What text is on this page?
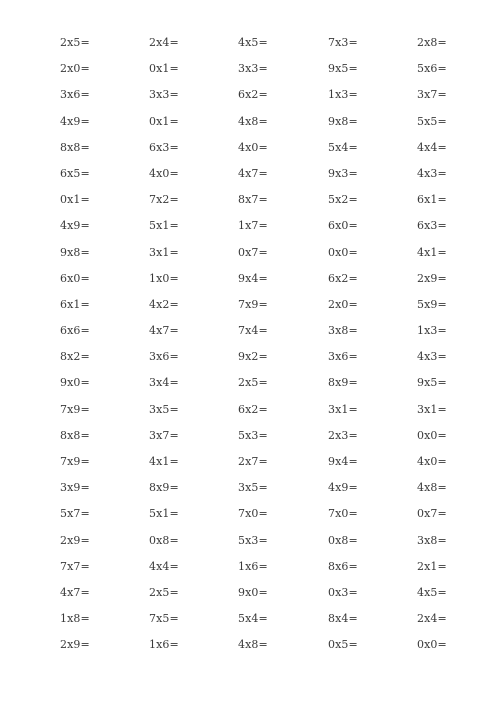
2x5=	2x4=	4x5=	7x3=	2x8=
2x0=	0x1=	3x3=	9x5=	5x6=
3x6=	3x3=	6x2=	1x3=	3x7=
4x9=	0x1=	4x8=	9x8=	5x5=
8x8=	6x3=	4x0=	5x4=	4x4=
6x5=	4x0=	4x7=	9x3=	4x3=
0x1=	7x2=	8x7=	5x2=	6x1=
4x9=	5x1=	1x7=	6x0=	6x3=
9x8=	3x1=	0x7=	0x0=	4x1=
6x0=	1x0=	9x4=	6x2=	2x9=
6x1=	4x2=	7x9=	2x0=	5x9=
6x6=	4x7=	7x4=	3x8=	1x3=
8x2=	3x6=	9x2=	3x6=	4x3=
9x0=	3x4=	2x5=	8x9=	9x5=
7x9=	3x5=	6x2=	3x1=	3x1=
8x8=	3x7=	5x3=	2x3=	0x0=
7x9=	4x1=	2x7=	9x4=	4x0=
3x9=	8x9=	3x5=	4x9=	4x8=
5x7=	5x1=	7x0=	7x0=	0x7=
2x9=	0x8=	5x3=	0x8=	3x8=
7x7=	4x4=	1x6=	8x6=	2x1=
4x7=	2x5=	9x0=	0x3=	4x5=
1x8=	7x5=	5x4=	8x4=	2x4=
2x9=	1x6=	4x8=	0x5=	0x0=
